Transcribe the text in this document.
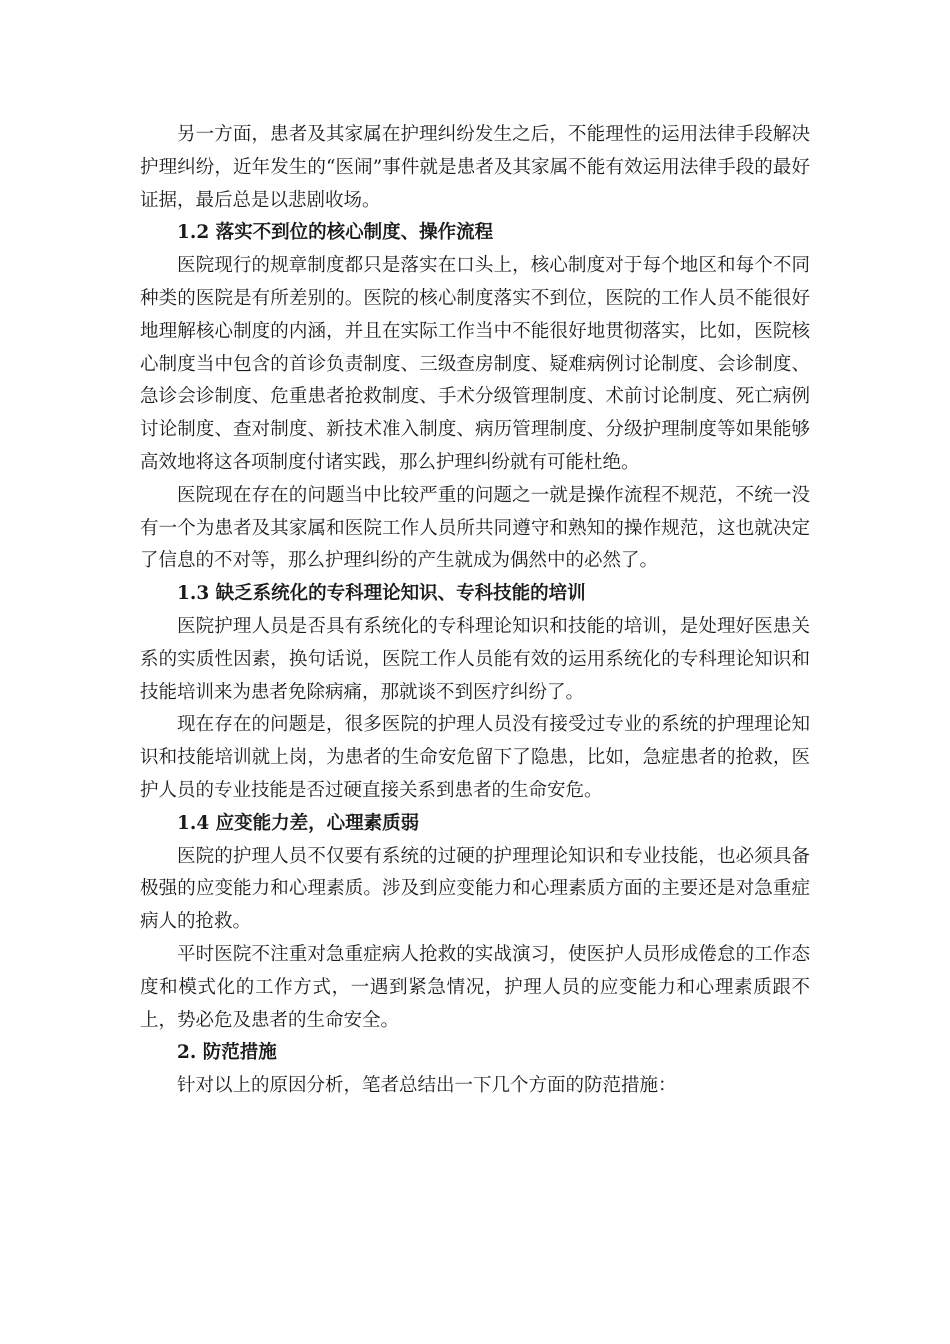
另一方面，患者及其家属在护理纠纷发生之后，不能理性的运用法律手段解决护理纠纷，近年发生的“医闹”事件就是患者及其家属不能有效运用法律手段的最好证据，最后总是以悲剧收场。

1.2 落实不到位的核心制度、操作流程

医院现行的规章制度都只是落实在口头上，核心制度对于每个地区和每个不同种类的医院是有所差别的。医院的核心制度落实不到位，医院的工作人员不能很好地理解核心制度的内涵，并且在实际工作当中不能很好地贯彻落实，比如，医院核心制度当中包含的首诊负责制度、三级查房制度、疑难病例讨论制度、会诊制度、急诊会诊制度、危重患者抢救制度、手术分级管理制度、术前讨论制度、死亡病例讨论制度、查对制度、新技术准入制度、病历管理制度、分级护理制度等如果能够高效地将这各项制度付诸实践，那么护理纠纷就有可能杜绝。

医院现在存在的问题当中比较严重的问题之一就是操作流程不规范，不统一没有一个为患者及其家属和医院工作人员所共同遵守和熟知的操作规范，这也就决定了信息的不对等，那么护理纠纷的产生就成为偶然中的必然了。

1.3 缺乏系统化的专科理论知识、专科技能的培训

医院护理人员是否具有系统化的专科理论知识和技能的培训，是处理好医患关系的实质性因素，换句话说，医院工作人员能有效的运用系统化的专科理论知识和技能培训来为患者免除病痛，那就谈不到医疗纠纷了。

现在存在的问题是，很多医院的护理人员没有接受过专业的系统的护理理论知识和技能培训就上岗，为患者的生命安危留下了隐患，比如，急症患者的抢救，医护人员的专业技能是否过硬直接关系到患者的生命安危。

1.4 应变能力差，心理素质弱

医院的护理人员不仅要有系统的过硬的护理理论知识和专业技能，也必须具备极强的应变能力和心理素质。涉及到应变能力和心理素质方面的主要还是对急重症病人的抢救。

平时医院不注重对急重症病人抢救的实战演习，使医护人员形成倦怠的工作态度和模式化的工作方式，一遇到紧急情况，护理人员的应变能力和心理素质跟不上，势必危及患者的生命安全。

2. 防范措施

针对以上的原因分析，笔者总结出一下几个方面的防范措施：
